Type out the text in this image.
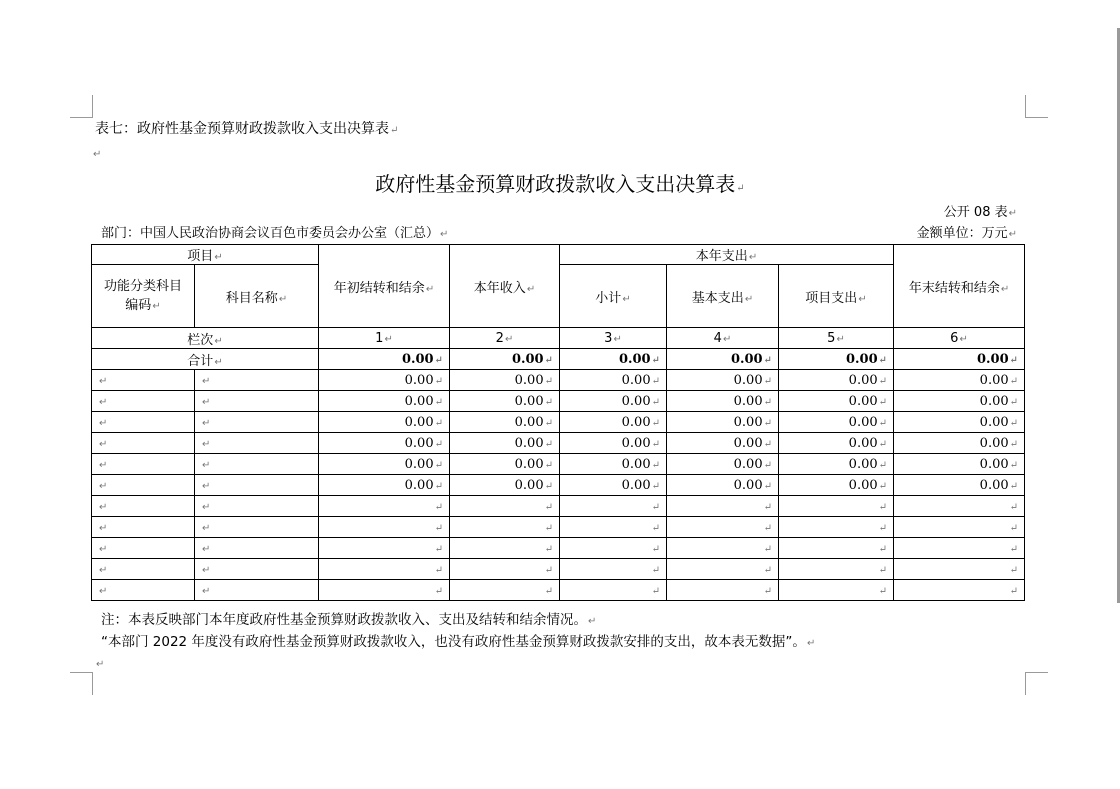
表七：政府性基金预算财政拨款收入支出决算表↵
↵
政府性基金预算财政拨款收入支出决算表↵
公开 08 表↵
部门：中国人民政治协商会议百色市委员会办公室（汇总）↵	金额单位：万元↵
项目↵		年初结转和结余↵	本年收入↵	本年支出↵			年末结转和结余↵
功能分类科目编码↵	科目名称↵			小计↵	基本支出↵	项目支出↵	
栏次↵		1↵	2↵	3↵	4↵	5↵	6↵
合计↵		0.00↵	0.00↵	0.00↵	0.00↵	0.00↵	0.00↵
↵	↵	0.00↵	0.00↵	0.00↵	0.00↵	0.00↵	0.00↵
↵	↵	0.00↵	0.00↵	0.00↵	0.00↵	0.00↵	0.00↵
↵	↵	0.00↵	0.00↵	0.00↵	0.00↵	0.00↵	0.00↵
↵	↵	0.00↵	0.00↵	0.00↵	0.00↵	0.00↵	0.00↵
↵	↵	0.00↵	0.00↵	0.00↵	0.00↵	0.00↵	0.00↵
↵	↵	0.00↵	0.00↵	0.00↵	0.00↵	0.00↵	0.00↵
↵	↵	↵	↵	↵	↵	↵	↵
↵	↵	↵	↵	↵	↵	↵	↵
↵	↵	↵	↵	↵	↵	↵	↵
↵	↵	↵	↵	↵	↵	↵	↵
↵	↵	↵	↵	↵	↵	↵	↵
注：本表反映部门本年度政府性基金预算财政拨款收入、支出及结转和结余情况。↵
“本部门 2022 年度没有政府性基金预算财政拨款收入，也没有政府性基金预算财政拨款安排的支出，故本表无数据”。↵
↵
